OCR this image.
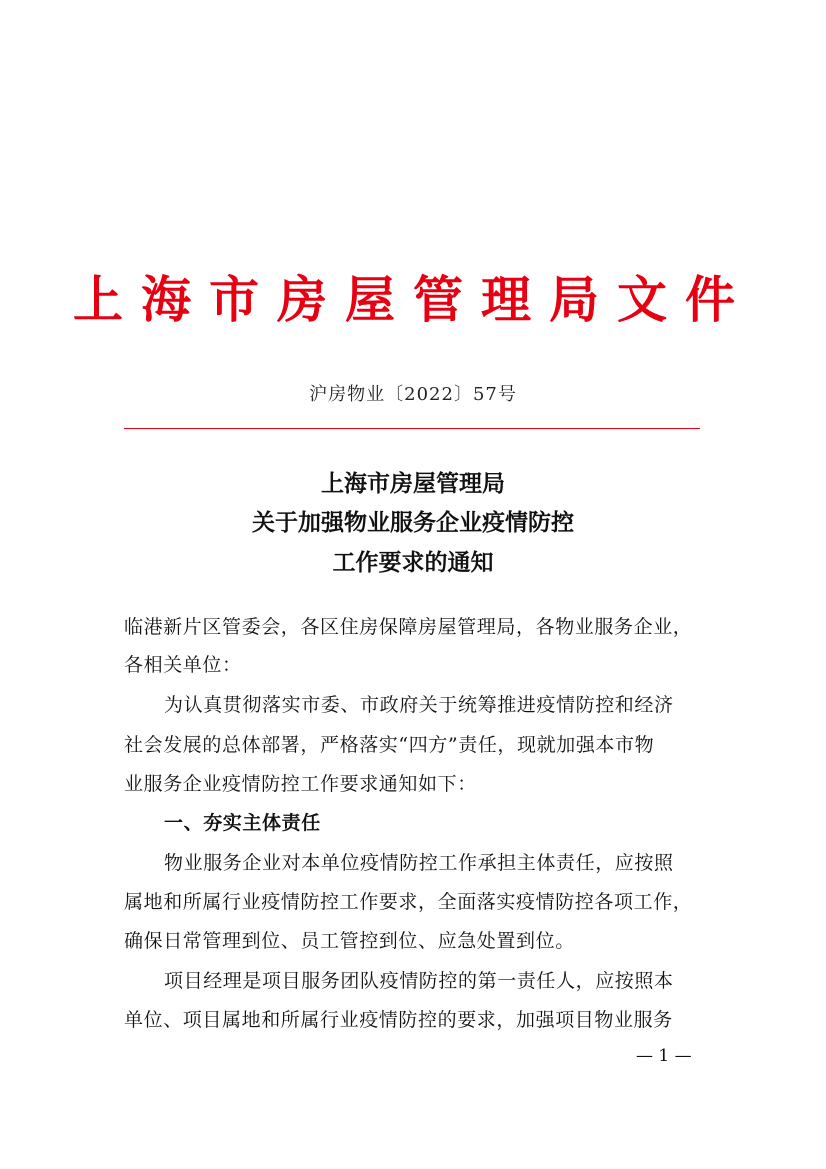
上海市房屋管理局文件
沪房物业〔2022〕57号
上海市房屋管理局
关于加强物业服务企业疫情防控
工作要求的通知
临港新片区管委会，各区住房保障房屋管理局，各物业服务企业，
各相关单位：
为认真贯彻落实市委、市政府关于统筹推进疫情防控和经济
社会发展的总体部署，严格落实“四方”责任，现就加强本市物
业服务企业疫情防控工作要求通知如下：
一、夯实主体责任
物业服务企业对本单位疫情防控工作承担主体责任，应按照
属地和所属行业疫情防控工作要求，全面落实疫情防控各项工作，
确保日常管理到位、员工管控到位、应急处置到位。
项目经理是项目服务团队疫情防控的第一责任人，应按照本
单位、项目属地和所属行业疫情防控的要求，加强项目物业服务
— 1 —
